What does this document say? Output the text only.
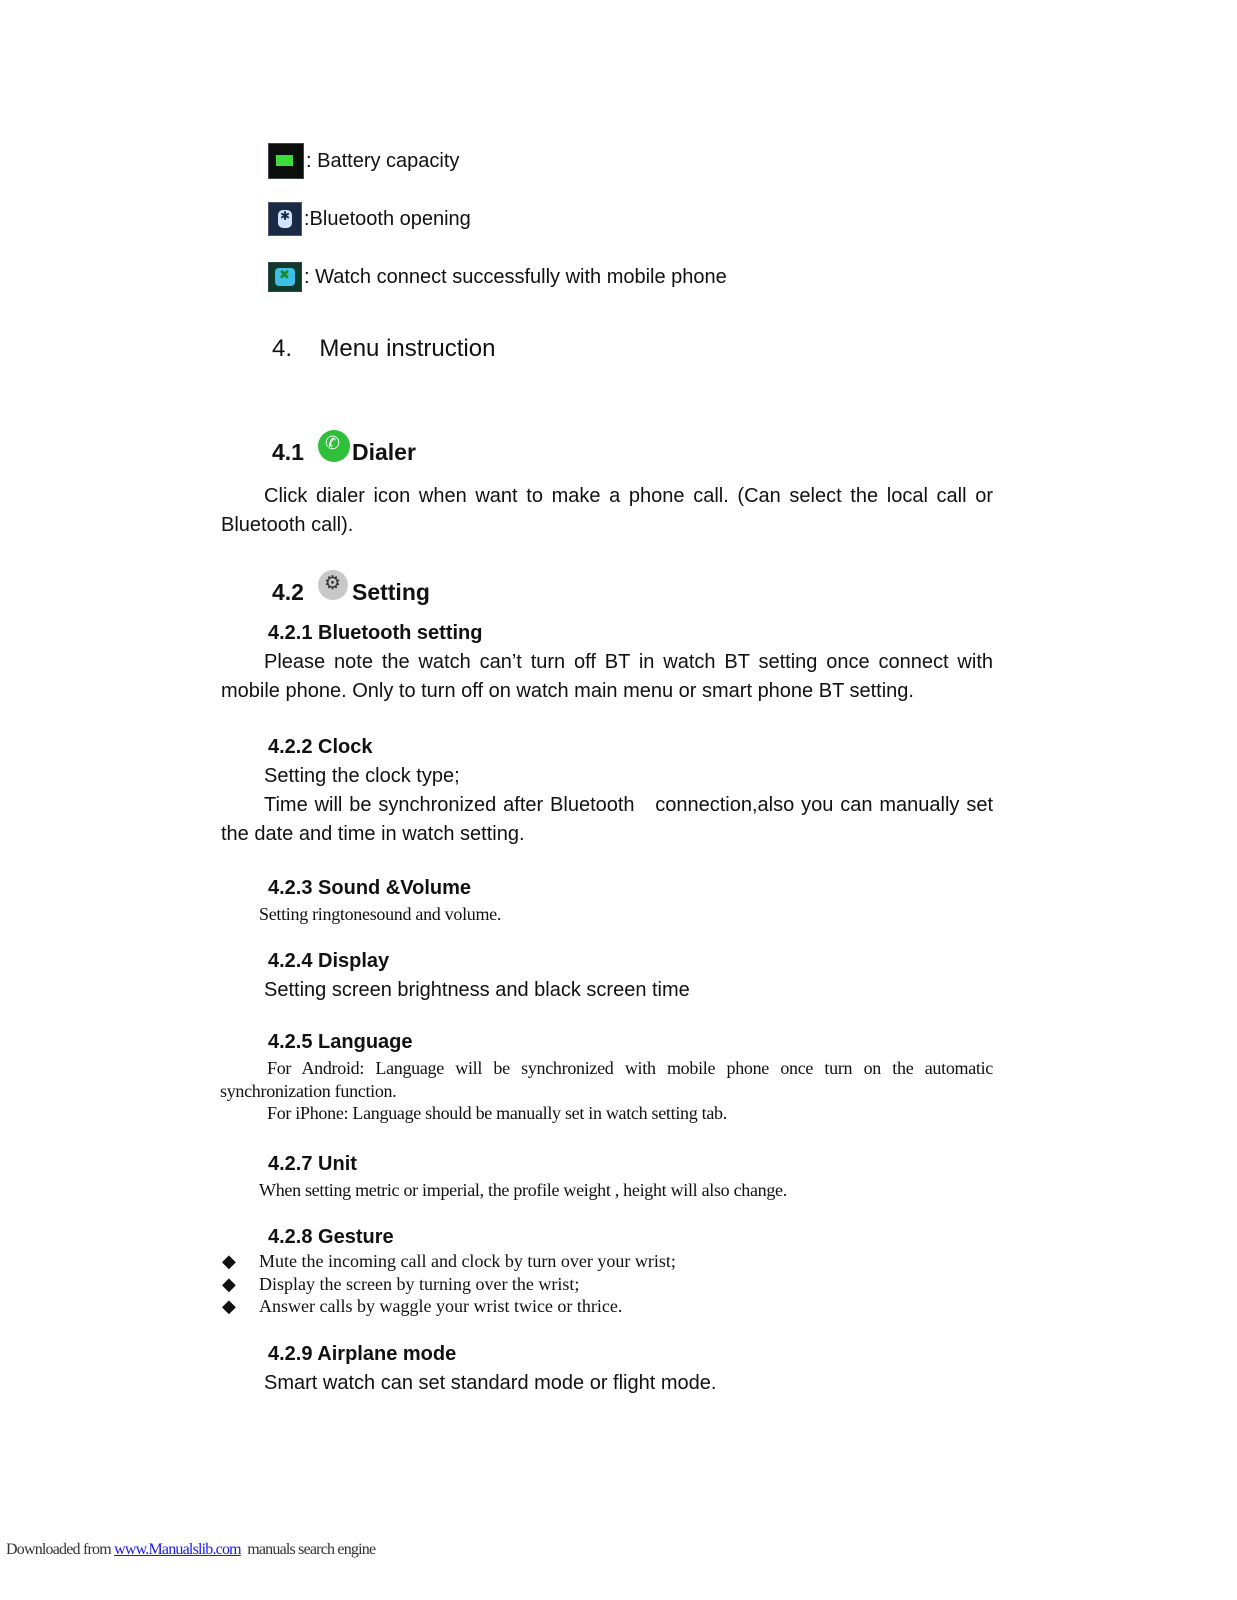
: Battery capacity
✱
:Bluetooth opening
✖
: Watch connect successfully with mobile phone
4. Menu instruction
4.1 ✆ Dialer
Click dialer icon when want to make a phone call. (Can select the local call or Bluetooth call).
4.2 ⚙ Setting
4.2.1 Bluetooth setting
Please note the watch can’t turn off BT in watch BT setting once connect with mobile phone. Only to turn off on watch main menu or smart phone BT setting.
4.2.2 Clock
Setting the clock type;
Time will be synchronized after Bluetooth   connection,also you can manually set the date and time in watch setting.
4.2.3 Sound &Volume
Setting ringtonesound and volume.
4.2.4 Display
Setting screen brightness and black screen time
4.2.5 Language
For Android: Language will be synchronized with mobile phone once turn on the automatic synchronization function.
For iPhone: Language should be manually set in watch setting tab.
4.2.7 Unit
When setting metric or imperial, the profile weight , height will also change.
4.2.8 Gesture
◆	Mute the incoming call and clock by turn over your wrist;
◆	Display the screen by turning over the wrist;
◆	Answer calls by waggle your wrist twice or thrice.
4.2.9 Airplane mode
Smart watch can set standard mode or flight mode.
Downloaded from www.Manualslib.com  manuals search engine
